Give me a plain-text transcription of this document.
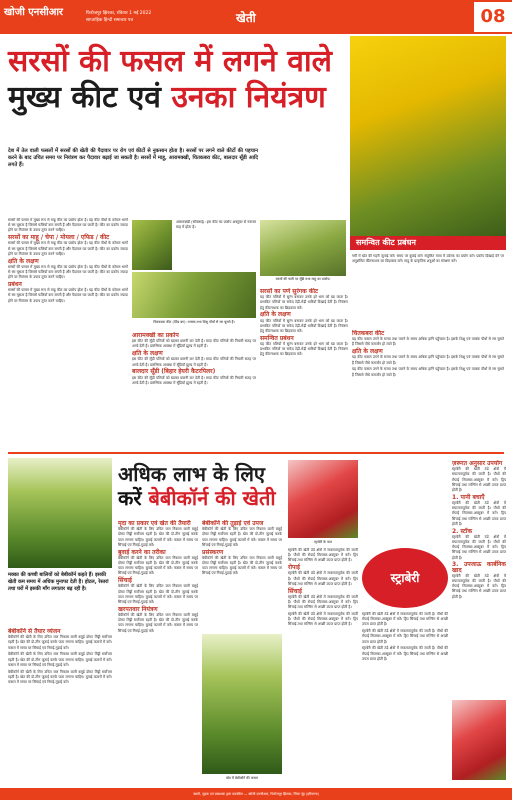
खोजी एनसीआर	फिरोजपुर झिरका, रविवार 1 मई 2022
साप्ताहिक हिन्दी समाचार पत्र	खेती	08
सरसों की फसल में लगने वाले
मुख्य कीट एवं उनका नियंत्रण
समन्वित कीट प्रबंधन
गर्मी में खेत की गहरी जुताई करें। समय पर बुवाई करें। संतुलित मात्रा में उर्वरक का प्रयोग करें। प्रकोप दिखाई देने पर अनुशंसित कीटनाशक का छिड़काव करें। माहू के प्राकृतिक शत्रुओं का संरक्षण करें।
देश में तेल वाली फसलों में सरसों की खेती की पैदावार पर रोग एवं कीटों से नुकसान होता है। सरसों पर लगने वाले कीटों की पहचान करने के बाद उचित समय पर नियंत्रण कर पैदावार बढ़ाई जा सकती है। सरसों में माहू, आरामक्खी, चितकबरा कीट, बालदार सूँडी आदि लगते हैं।

सरसों की फसल में मुख्य रूप से माहू कीट का प्रकोप होता है। यह कीट पौधों के कोमल भागों से रस चूसता है जिससे फलियाँ कम बनती हैं और पैदावार घट जाती है। कीट का प्रकोप ज्यादा होने पर नियंत्रण के उपाय तुरंत करने चाहिए।

सरसों का माहू / चेपा / मोयला / एफिड / कीट

सरसों की फसल में मुख्य रूप से माहू कीट का प्रकोप होता है। यह कीट पौधों के कोमल भागों से रस चूसता है जिससे फलियाँ कम बनती हैं और पैदावार घट जाती है। कीट का प्रकोप ज्यादा होने पर नियंत्रण के उपाय तुरंत करने चाहिए।

क्षति के लक्षण

सरसों की फसल में मुख्य रूप से माहू कीट का प्रकोप होता है। यह कीट पौधों के कोमल भागों से रस चूसता है जिससे फलियाँ कम बनती हैं और पैदावार घट जाती है। कीट का प्रकोप ज्यादा होने पर नियंत्रण के उपाय तुरंत करने चाहिए।

प्रबंधन

सरसों की फसल में मुख्य रूप से माहू कीट का प्रकोप होता है। यह कीट पौधों के कोमल भागों से रस चूसता है जिससे फलियाँ कम बनती हैं और पैदावार घट जाती है। कीट का प्रकोप ज्यादा होने पर नियंत्रण के उपाय तुरंत करने चाहिए।

आरामक्खी (सॉफ्लाई): इस कीट का प्रकोप अक्टूबर से नवम्बर माह में होता है।
चितकबरा कीट (पेंटेड बग): वयस्क तथा शिशु पौधों से रस चूसते हैं।
आरामक्खी का प्रकोप

इस कीट की सूँडी पत्तियों को खाकर छलनी कर देती है। मादा कीट पत्तियों की निचली सतह पर अण्डे देती है। प्रारम्भिक अवस्था में सूँडियाँ झुण्ड में रहती हैं।

क्षति के लक्षण

इस कीट की सूँडी पत्तियों को खाकर छलनी कर देती है। मादा कीट पत्तियों की निचली सतह पर अण्डे देती है। प्रारम्भिक अवस्था में सूँडियाँ झुण्ड में रहती हैं।

बालदार सूँडी (बिहार हेयरी कैटरपिलर)

इस कीट की सूँडी पत्तियों को खाकर छलनी कर देती है। मादा कीट पत्तियों की निचली सतह पर अण्डे देती है। प्रारम्भिक अवस्था में सूँडियाँ झुण्ड में रहती हैं।

सरसों की फली पर सूँडी तथा माहू का प्रकोप।
सरसों का पर्ण सुरंगक कीट

यह कीट पत्तियों में सुरंग बनाकर उनके हरे भाग को खा जाता है। प्रभावित पत्तियों पर सफेद टेढ़ी-मेढ़ी धारियाँ दिखाई देती हैं। नियंत्रण हेतु कीटनाशक का छिड़काव करें।

क्षति के लक्षण

यह कीट पत्तियों में सुरंग बनाकर उनके हरे भाग को खा जाता है। प्रभावित पत्तियों पर सफेद टेढ़ी-मेढ़ी धारियाँ दिखाई देती हैं। नियंत्रण हेतु कीटनाशक का छिड़काव करें।

समन्वित प्रबंधन

यह कीट पत्तियों में सुरंग बनाकर उनके हरे भाग को खा जाता है। प्रभावित पत्तियों पर सफेद टेढ़ी-मेढ़ी धारियाँ दिखाई देती हैं। नियंत्रण हेतु कीटनाशक का छिड़काव करें।

चितकबरा कीट

यह कीट फसल उगने के समय तथा पकने के समय अधिक हानि पहुँचाता है। इसके शिशु एवं वयस्क पौधों से रस चूसते हैं जिससे पौधे कमजोर हो जाते हैं।

क्षति के लक्षण

यह कीट फसल उगने के समय तथा पकने के समय अधिक हानि पहुँचाता है। इसके शिशु एवं वयस्क पौधों से रस चूसते हैं जिससे पौधे कमजोर हो जाते हैं।

यह कीट फसल उगने के समय तथा पकने के समय अधिक हानि पहुँचाता है। इसके शिशु एवं वयस्क पौधों से रस चूसते हैं जिससे पौधे कमजोर हो जाते हैं।

अधिक लाभ के लिए
करें बेबीकॉर्न की खेती
मक्का की कच्ची बालियों को बेबीकॉर्न कहते हैं। इसकी खेती कम समय में अधिक मुनाफा देती है। होटल, रेस्तरां तथा घरों में इसकी माँग लगातार बढ़ रही है।
बेबीकॉर्न से तैयार व्यंजन

बेबीकॉर्न की खेती के लिए उचित जल निकास वाली बलुई दोमट मिट्टी सर्वोत्तम रहती है। खेत की दो-तीन जुताई करके पाटा लगाना चाहिए। बुवाई कतारों में करें। फसल में समय पर सिंचाई एवं निराई-गुड़ाई करें।

बेबीकॉर्न की खेती के लिए उचित जल निकास वाली बलुई दोमट मिट्टी सर्वोत्तम रहती है। खेत की दो-तीन जुताई करके पाटा लगाना चाहिए। बुवाई कतारों में करें। फसल में समय पर सिंचाई एवं निराई-गुड़ाई करें।

बेबीकॉर्न की खेती के लिए उचित जल निकास वाली बलुई दोमट मिट्टी सर्वोत्तम रहती है। खेत की दो-तीन जुताई करके पाटा लगाना चाहिए। बुवाई कतारों में करें। फसल में समय पर सिंचाई एवं निराई-गुड़ाई करें।

मृदा का प्रकार एवं खेत की तैयारी

बेबीकॉर्न की खेती के लिए उचित जल निकास वाली बलुई दोमट मिट्टी सर्वोत्तम रहती है। खेत की दो-तीन जुताई करके पाटा लगाना चाहिए। बुवाई कतारों में करें। फसल में समय पर सिंचाई एवं निराई-गुड़ाई करें।

बुवाई करने का तरीका

बेबीकॉर्न की खेती के लिए उचित जल निकास वाली बलुई दोमट मिट्टी सर्वोत्तम रहती है। खेत की दो-तीन जुताई करके पाटा लगाना चाहिए। बुवाई कतारों में करें। फसल में समय पर सिंचाई एवं निराई-गुड़ाई करें।

सिंचाई

बेबीकॉर्न की खेती के लिए उचित जल निकास वाली बलुई दोमट मिट्टी सर्वोत्तम रहती है। खेत की दो-तीन जुताई करके पाटा लगाना चाहिए। बुवाई कतारों में करें। फसल में समय पर सिंचाई एवं निराई-गुड़ाई करें।

खरपतवार नियंत्रण

बेबीकॉर्न की खेती के लिए उचित जल निकास वाली बलुई दोमट मिट्टी सर्वोत्तम रहती है। खेत की दो-तीन जुताई करके पाटा लगाना चाहिए। बुवाई कतारों में करें। फसल में समय पर सिंचाई एवं निराई-गुड़ाई करें।

बेबीकॉर्न की तुड़ाई एवं उपज

बेबीकॉर्न की खेती के लिए उचित जल निकास वाली बलुई दोमट मिट्टी सर्वोत्तम रहती है। खेत की दो-तीन जुताई करके पाटा लगाना चाहिए। बुवाई कतारों में करें। फसल में समय पर सिंचाई एवं निराई-गुड़ाई करें।

प्रसंस्करण

बेबीकॉर्न की खेती के लिए उचित जल निकास वाली बलुई दोमट मिट्टी सर्वोत्तम रहती है। खेत की दो-तीन जुताई करके पाटा लगाना चाहिए। बुवाई कतारों में करें। फसल में समय पर सिंचाई एवं निराई-गुड़ाई करें।

खेत में बेबीकॉर्न की फसल
स्ट्राबेरी के फल

स्ट्राबेरी की खेती ठंडे क्षेत्रों में सफलतापूर्वक की जाती है। पौधों की रोपाई सितम्बर-अक्टूबर में करें। ड्रिप सिंचाई तथा मल्चिंग से अच्छी उपज प्राप्त होती है।

रोपाई

स्ट्राबेरी की खेती ठंडे क्षेत्रों में सफलतापूर्वक की जाती है। पौधों की रोपाई सितम्बर-अक्टूबर में करें। ड्रिप सिंचाई तथा मल्चिंग से अच्छी उपज प्राप्त होती है।

सिंचाई

स्ट्राबेरी की खेती ठंडे क्षेत्रों में सफलतापूर्वक की जाती है। पौधों की रोपाई सितम्बर-अक्टूबर में करें। ड्रिप सिंचाई तथा मल्चिंग से अच्छी उपज प्राप्त होती है।

स्ट्राबेरी की खेती ठंडे क्षेत्रों में सफलतापूर्वक की जाती है। पौधों की रोपाई सितम्बर-अक्टूबर में करें। ड्रिप सिंचाई तथा मल्चिंग से अच्छी उपज प्राप्त होती है।

स्ट्राबेरी

स्ट्राबेरी की खेती ठंडे क्षेत्रों में सफलतापूर्वक की जाती है। पौधों की रोपाई सितम्बर-अक्टूबर में करें। ड्रिप सिंचाई तथा मल्चिंग से अच्छी उपज प्राप्त होती है।

स्ट्राबेरी की खेती ठंडे क्षेत्रों में सफलतापूर्वक की जाती है। पौधों की रोपाई सितम्बर-अक्टूबर में करें। ड्रिप सिंचाई तथा मल्चिंग से अच्छी उपज प्राप्त होती है।

स्ट्राबेरी की खेती ठंडे क्षेत्रों में सफलतापूर्वक की जाती है। पौधों की रोपाई सितम्बर-अक्टूबर में करें। ड्रिप सिंचाई तथा मल्चिंग से अच्छी उपज प्राप्त होती है।

ज़रूरत अनुसार उपयोग

स्ट्राबेरी की खेती ठंडे क्षेत्रों में सफलतापूर्वक की जाती है। पौधों की रोपाई सितम्बर-अक्टूबर में करें। ड्रिप सिंचाई तथा मल्चिंग से अच्छी उपज प्राप्त होती है।

1. पानी बचाएँ

स्ट्राबेरी की खेती ठंडे क्षेत्रों में सफलतापूर्वक की जाती है। पौधों की रोपाई सितम्बर-अक्टूबर में करें। ड्रिप सिंचाई तथा मल्चिंग से अच्छी उपज प्राप्त होती है।

2. स्टॉक

स्ट्राबेरी की खेती ठंडे क्षेत्रों में सफलतापूर्वक की जाती है। पौधों की रोपाई सितम्बर-अक्टूबर में करें। ड्रिप सिंचाई तथा मल्चिंग से अच्छी उपज प्राप्त होती है।

3. उपजाऊ कार्बनिक खाद

स्ट्राबेरी की खेती ठंडे क्षेत्रों में सफलतापूर्वक की जाती है। पौधों की रोपाई सितम्बर-अक्टूबर में करें। ड्रिप सिंचाई तथा मल्चिंग से अच्छी उपज प्राप्त होती है।

स्वामी, मुद्रक एवं प्रकाशक द्वारा प्रकाशित — खोजी एनसीआर, फिरोजपुर झिरका, जिला नूंह (हरियाणा)
